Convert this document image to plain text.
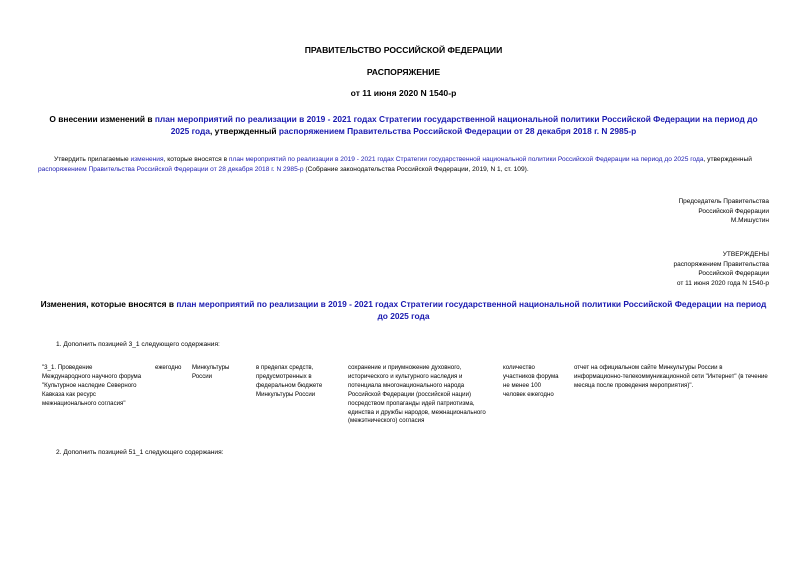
ПРАВИТЕЛЬСТВО РОССИЙСКОЙ ФЕДЕРАЦИИ
РАСПОРЯЖЕНИЕ
от 11 июня 2020 N 1540-р
О внесении изменений в план мероприятий по реализации в 2019 - 2021 годах Стратегии государственной национальной политики Российской Федерации на период до 2025 года, утвержденный распоряжением Правительства Российской Федерации от 28 декабря 2018 г. N 2985-р
Утвердить прилагаемые изменения, которые вносятся в план мероприятий по реализации в 2019 - 2021 годах Стратегии государственной национальной политики Российской Федерации на период до 2025 года, утвержденный распоряжением Правительства Российской Федерации от 28 декабря 2018 г. N 2985-р (Собрание законодательства Российской Федерации, 2019, N 1, ст. 109).
Председатель Правительства
Российской Федерации
М.Мишустин
УТВЕРЖДЕНЫ
распоряжением Правительства
Российской Федерации
от 11 июня 2020 года N 1540-р
Изменения, которые вносятся в план мероприятий по реализации в 2019 - 2021 годах Стратегии государственной национальной политики Российской Федерации на период до 2025 года
1. Дополнить позицией 3_1 следующего содержания:
"3_1. Проведение Международного научного форума "Культурное наследие Северного Кавказа как ресурс межнационального согласия"
ежегодно	Минкультуры России
в пределах средств, предусмотренных в федеральном бюджете Минкультуры России
сохранение и приумножение духовного, исторического и культурного наследия и потенциала многонационального народа Российской Федерации (российской нации) посредством пропаганды идей патриотизма, единства и дружбы народов, межнационального (межэтнического) согласия
количество участников форума не менее 100 человек ежегодно
отчет на официальном сайте Минкультуры России в информационно-телекоммуникационной сети "Интернет" (в течение месяца после проведения мероприятия)".
2. Дополнить позицией 51_1 следующего содержания:
